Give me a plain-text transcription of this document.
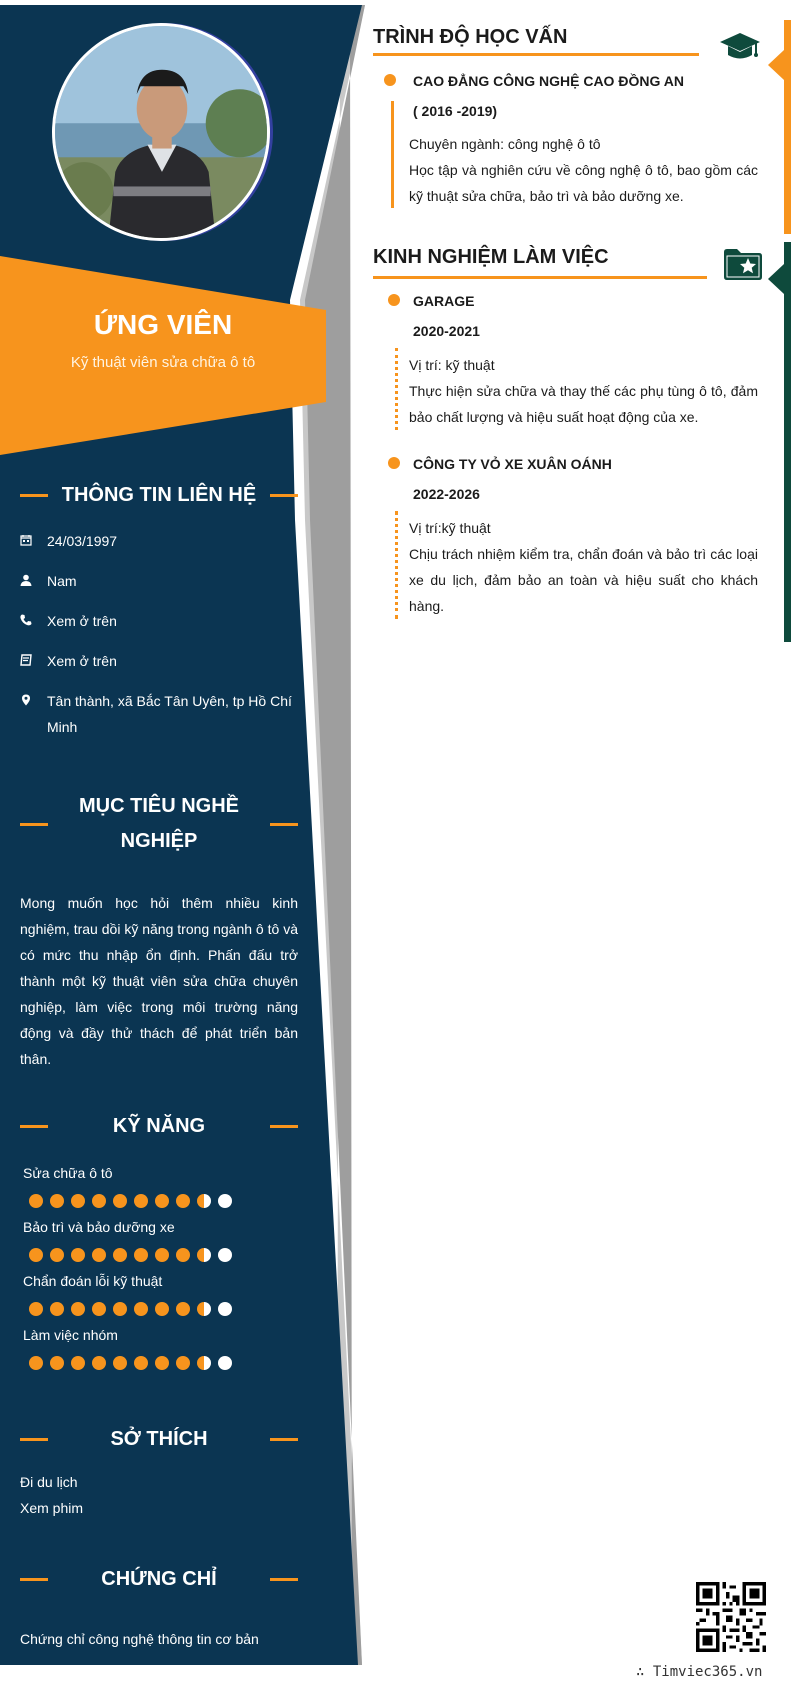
ỨNG VIÊN
Kỹ thuật viên sửa chữa ô tô
THÔNG TIN LIÊN HỆ
24/03/1997
Nam
Xem ở trên
Xem ở trên
Tân thành, xã Bắc Tân Uyên, tp Hồ Chí Minh
MỤC TIÊU NGHỀ NGHIỆP
Mong muốn học hỏi thêm nhiều kinh nghiệm, trau dồi kỹ năng trong ngành ô tô và có mức thu nhập ổn định. Phấn đấu trở thành một kỹ thuật viên sửa chữa chuyên nghiệp, làm việc trong môi trường năng động và đầy thử thách để phát triển bản thân.
KỸ NĂNG
Sửa chữa ô tô
Bảo trì và bảo dưỡng xe
Chẩn đoán lỗi kỹ thuật
Làm việc nhóm
SỞ THÍCH
Đi du lịch
Xem phim
CHỨNG CHỈ
Chứng chỉ công nghệ thông tin cơ bản
TRÌNH ĐỘ HỌC VẤN
CAO ĐẲNG CÔNG NGHỆ CAO ĐỒNG AN
( 2016 -2019)
Chuyên ngành: công nghệ ô tô
Học tập và nghiên cứu về công nghệ ô tô, bao gồm các kỹ thuật sửa chữa, bảo trì và bảo dưỡng xe.
KINH NGHIỆM LÀM VIỆC
GARAGE
2020-2021
Vị trí: kỹ thuật
Thực hiện sửa chữa và thay thế các phụ tùng ô tô, đảm bảo chất lượng và hiệu suất hoạt động của xe.
CÔNG TY VỎ XE XUÂN OÁNH
2022-2026
Vị trí:kỹ thuật
Chịu trách nhiệm kiểm tra, chẩn đoán và bảo trì các loại xe du lịch, đảm bảo an toàn và hiệu suất cho khách hàng.
∴ Timviec365.vn
